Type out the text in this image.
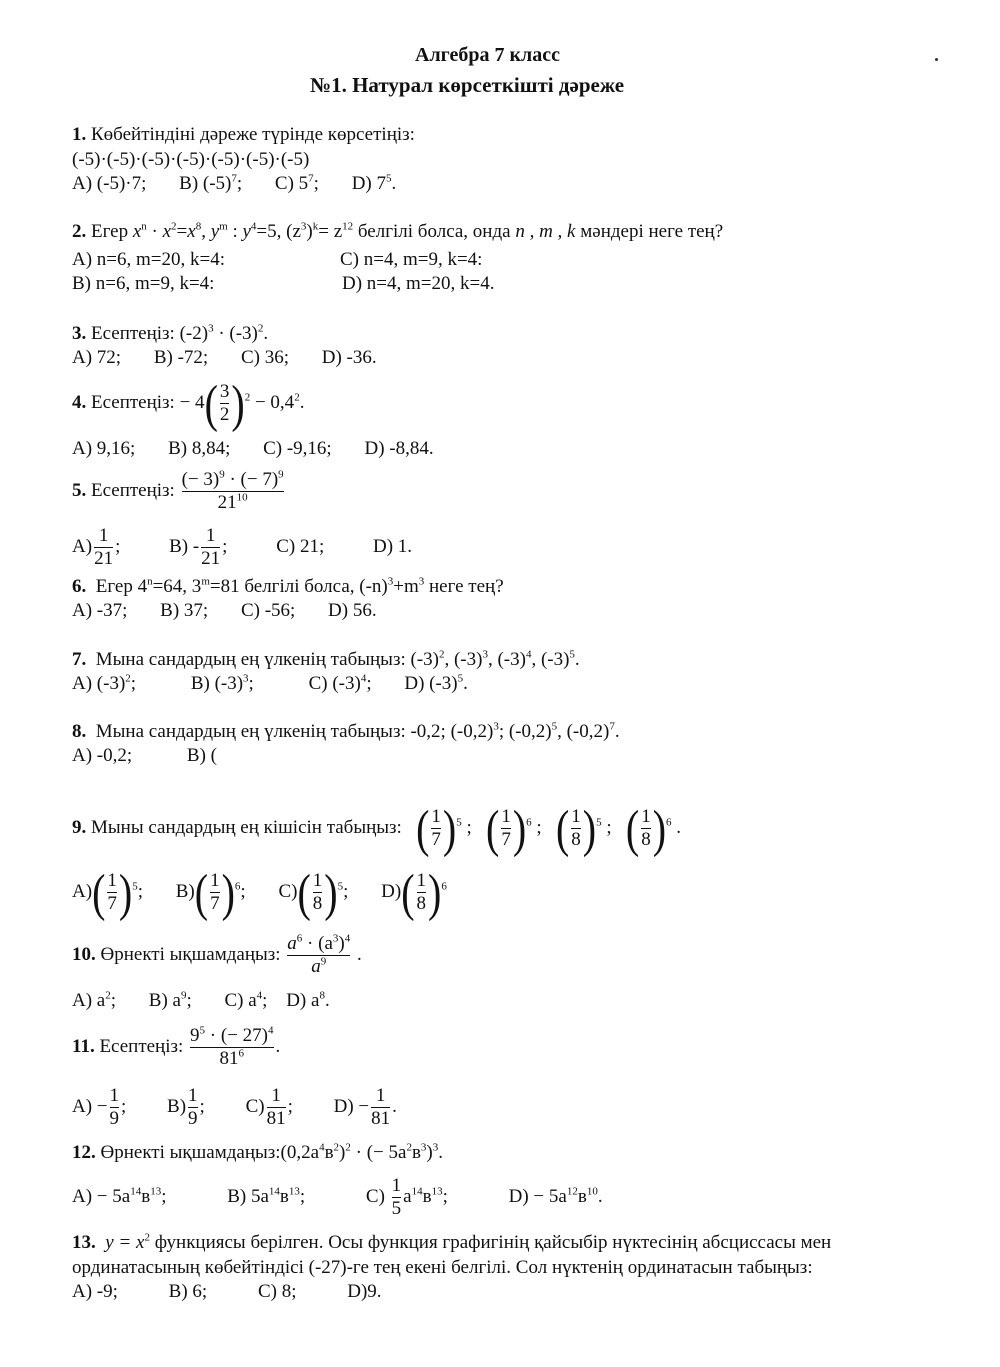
Алгебра 7 класс
№1. Натурал көрсеткішті дәреже
1. Көбейтіндіні дәреже түрінде көрсетіңіз:
(-5)·(-5)·(-5)·(-5)·(-5)·(-5)·(-5)
А) (-5)·7; В) $(-5)^7$; С) $5^7$; D) $7^5$.
2. Егер $x^n \cdot x^2=x^8$, $y^m$ : $y^4=5$, $(z^3)^k= z^{12}$ белгілі болса, онда n , m , k мәндері неге тең?
А) n=6, m=20, k=4:	С) n=4, m=9, k=4:
В) n=6, m=9, k=4:	D) n=4, m=20, k=4.
3. Есептеңіз: $(-2)^3 \cdot (-3)^2$.
А) 72; В) -72; С) 36; D) -36.
4. Есептеңіз: − $4( \frac{3}{2} )^2 - 0,4^2$.
А) 9,16; В) 8,84; С) -9,16; D) -8,84.
5. Есептеңіз: $\frac{(- 3)^9 \cdot (- 7)^9}{21^{10}}$
$А) \frac{1}{21}$ ;	$В) - \frac{1}{21}$ ;	С) 21;	D) 1.
6. Егер $4^n=64$, $3^m=81$ белгілі болса, $(-n)^3+m^3$ неге тең?
А) -37; В) 37; С) -56; D) 56.
7. Мына сандардың ең үлкенің табыңыз: $(-3)^2$, $(-3)^3$, $(-3)^4$, $(-3)^5$.
А) $(-3)^2$;	В) $(-3)^3$;	С) $(-3)^4$; D) $(-3)^5$.
8. Мына сандардың ең үлкенің табыңыз: -0,2; $(-0,2)^3$; $(-0,2)^5$, $(-0,2)^7$.
А) -0,2;	В) (
9. Мыны сандардың ең кішісін табыңыз: ( $\frac{1}{7} )^5$ ; ( $\frac{1}{7} )^6$ ; ( $\frac{1}{8} )^5$ ; ( $\frac{1}{8} )^6$ .
$А)( \frac{1}{7} )^5$; $В)( \frac{1}{7} )^6$; $С)( \frac{1}{8} )^5$; $D)( \frac{1}{8} )^6$
10. Өрнекті ықшамдаңыз: $\frac{a^6 \cdot (a^3)^4}{a^9}$ .
А) $a^2$; В) $a^9$; С) $a^4$; D) $a^8$.
11. Есептеңіз: $\frac{9^5 \cdot (- 27)^4}{81^6}$ .
$А) - \frac{1}{9}$ ; $В) \frac{1}{9}$ ; $С) \frac{1}{81}$ ; $D) - \frac{1}{81}$ .
12. Өрнекті $ықшамдаңыз:(0,2a^4в^2)^2$ · (− $5a^2в^3)^3$.
$А) - 5a^{14}в^{13}$;	В) $5a^{14}в^{13}$;	$С) \frac{1}{5} a^{14}в^{13}$;	$D) - 5a^{12}в^{10}$.
13. $y = x^2$ функциясы берілген. Осы функция графигінің қайсыбір нүктесінің абсциссасы мен
ординатасының көбейтіндісі (-27)-ге тең екені белгілі. Сол нүктенің ординатасын табыңыз:
А) -9;	В) 6;	С) 8;	D)9.
